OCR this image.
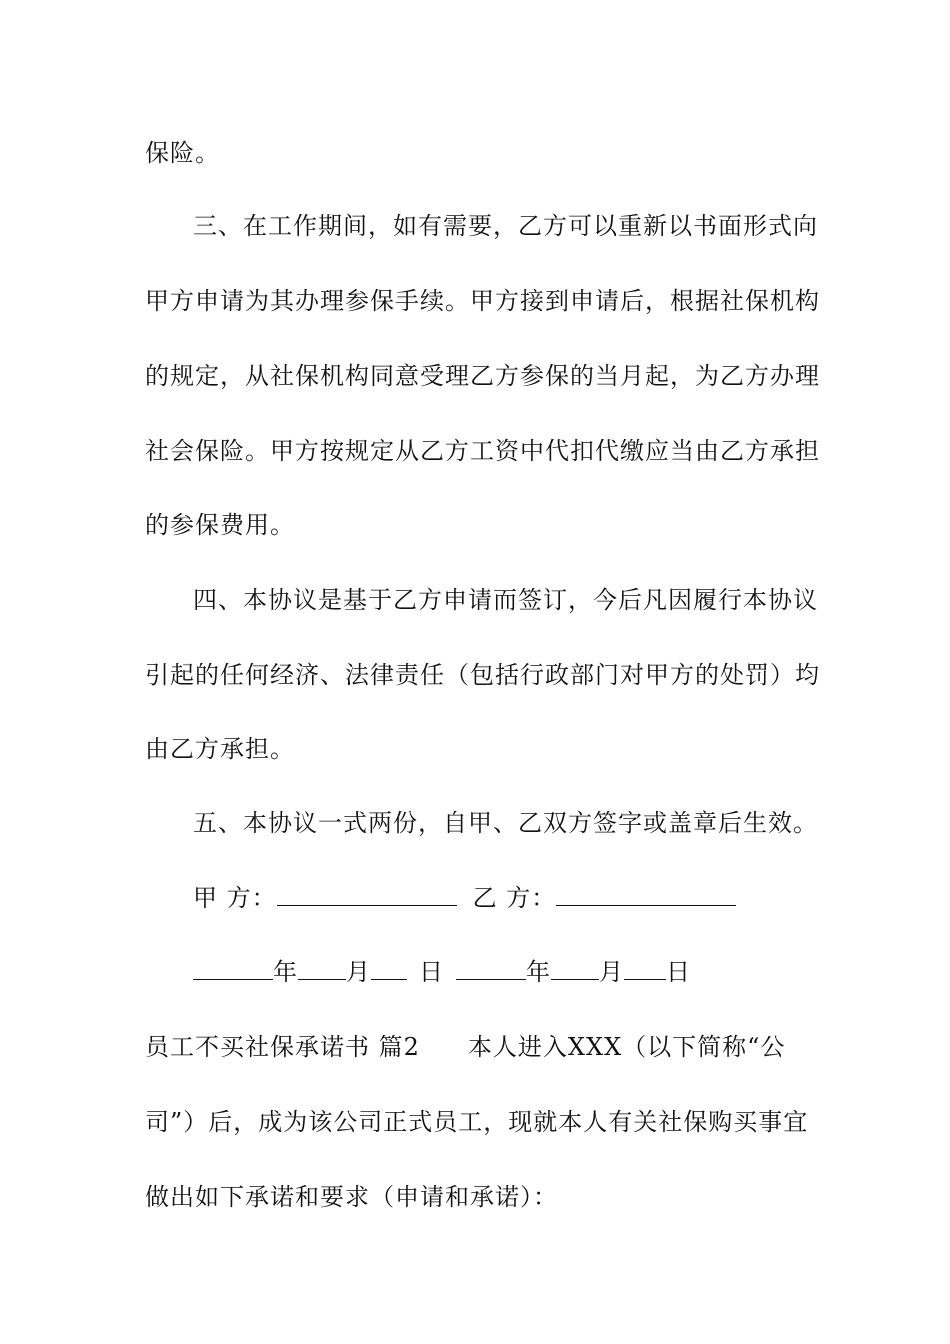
保险。
三、在工作期间，如有需要，乙方可以重新以书面形式向
甲方申请为其办理参保手续。甲方接到申请后，根据社保机构
的规定，从社保机构同意受理乙方参保的当月起，为乙方办理
社会保险。甲方按规定从乙方工资中代扣代缴应当由乙方承担
的参保费用。
四、本协议是基于乙方申请而签订，今后凡因履行本协议
引起的任何经济、法律责任（包括行政部门对甲方的处罚）均
由乙方承担。
五、本协议一式两份，自甲、乙双方签字或盖章后生效。
甲 方：	乙 方：
年 月 日	年 月 日
员工不买社保承诺书 篇2 本人进入XXX（以下简称“公
司”）后，成为该公司正式员工，现就本人有关社保购买事宜
做出如下承诺和要求（申请和承诺）：
